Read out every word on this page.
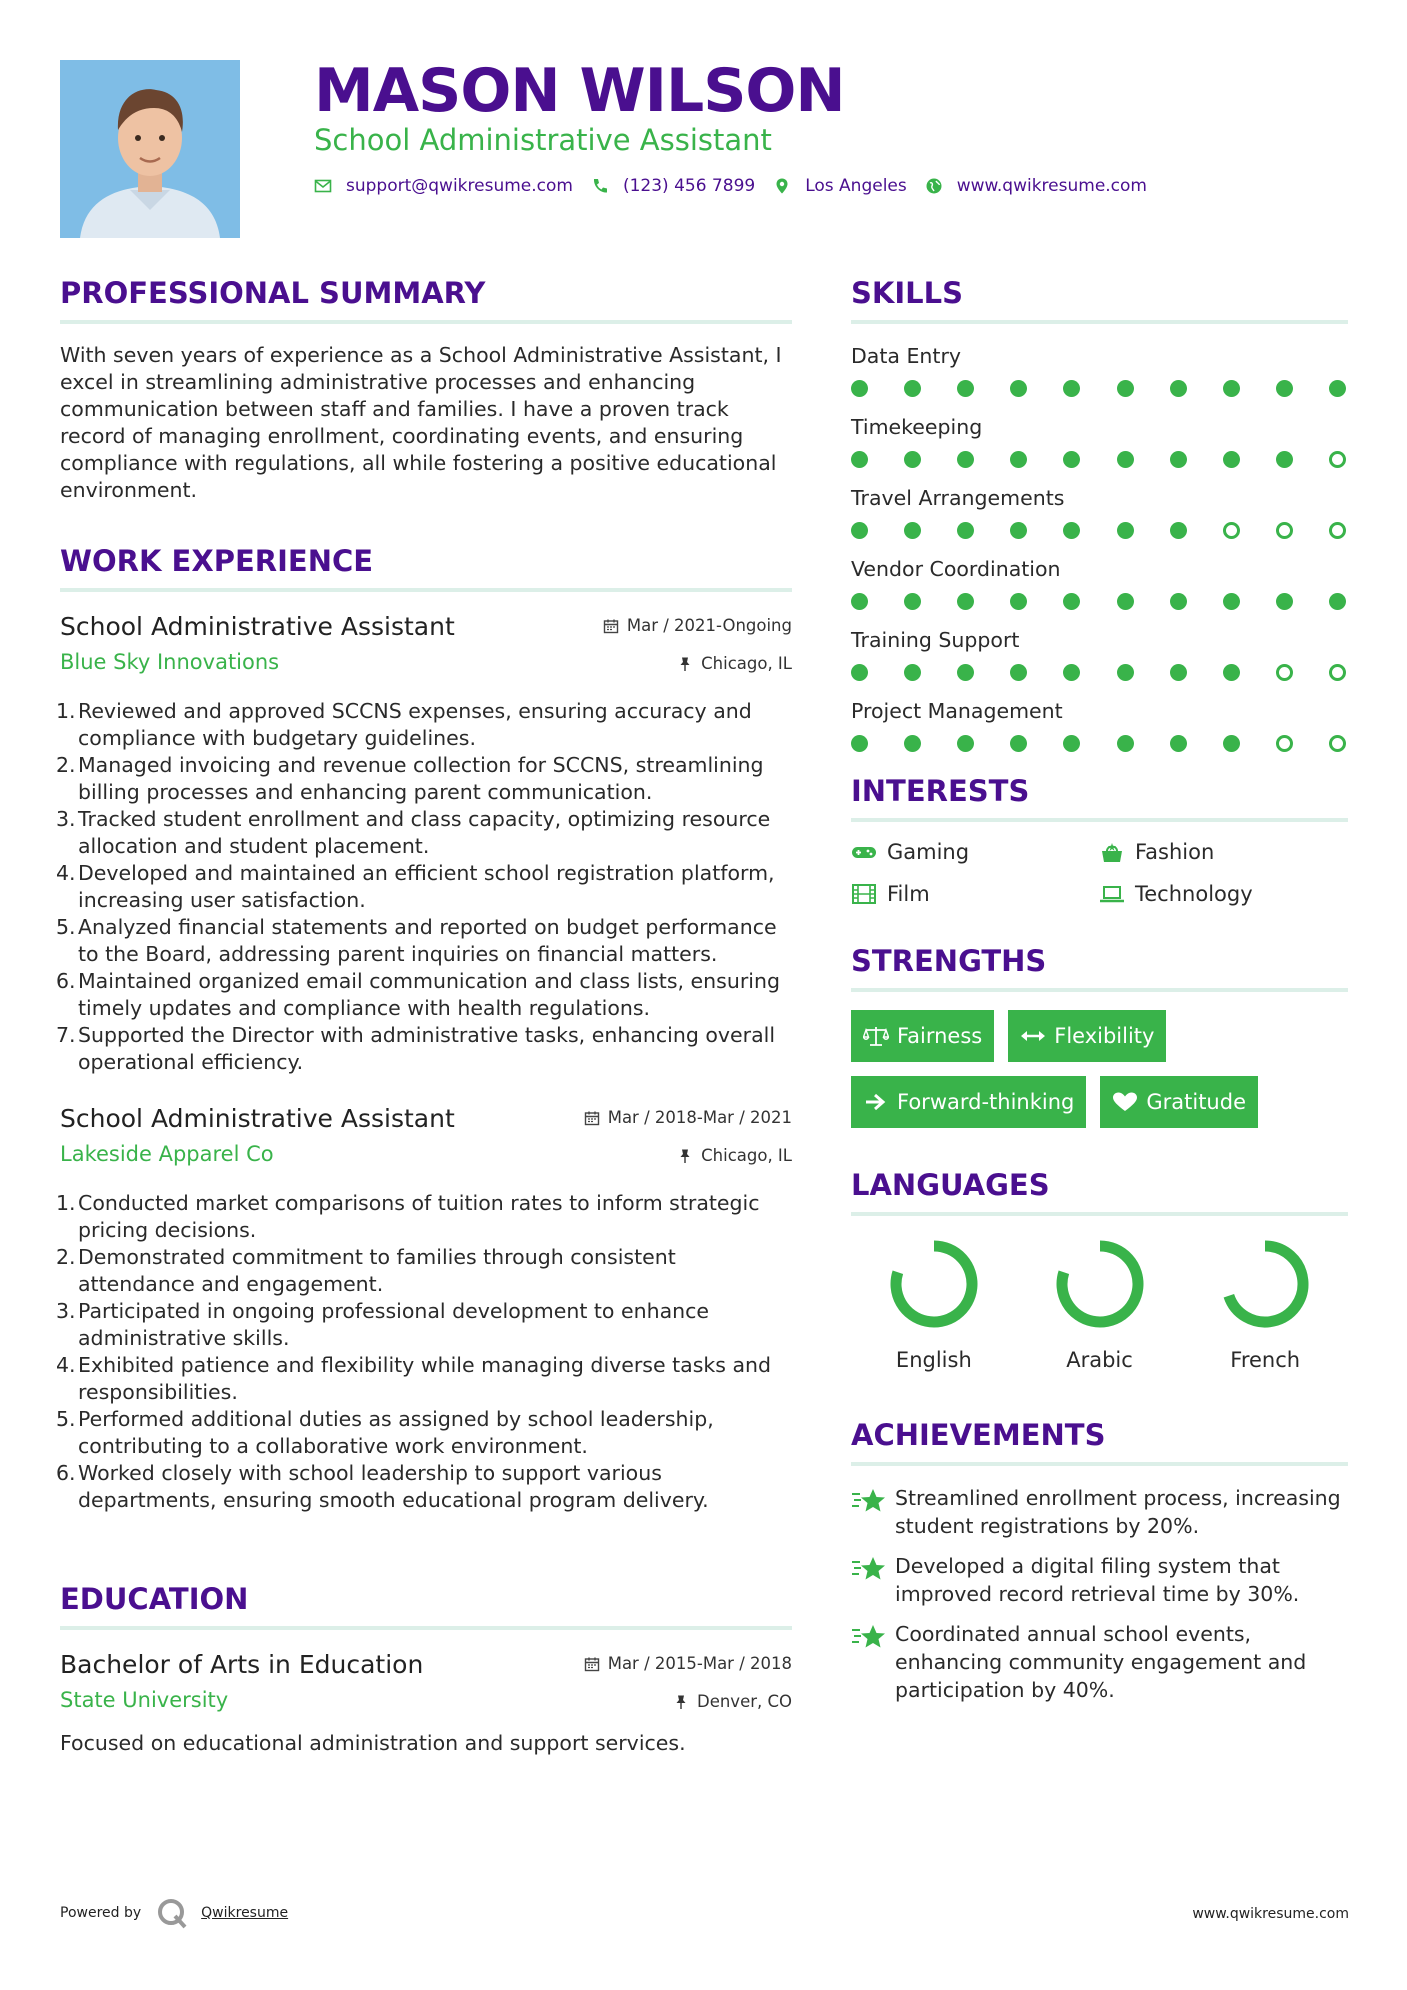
MASON WILSON
School Administrative Assistant
support@qwikresume.com	(123) 456 7899	Los Angeles	www.qwikresume.com
PROFESSIONAL SUMMARY
With seven years of experience as a School Administrative Assistant, I excel in streamlining administrative processes and enhancing communication between staff and families. I have a proven track record of managing enrollment, coordinating events, and ensuring compliance with regulations, all while fostering a positive educational environment.
WORK EXPERIENCE
School Administrative Assistant
Blue Sky Innovations
Mar / 2021-Ongoing
Chicago, IL
1. Reviewed and approved SCCNS expenses, ensuring accuracy and compliance with budgetary guidelines.
2. Managed invoicing and revenue collection for SCCNS, streamlining billing processes and enhancing parent communication.
3. Tracked student enrollment and class capacity, optimizing resource allocation and student placement.
4. Developed and maintained an efficient school registration platform, increasing user satisfaction.
5. Analyzed financial statements and reported on budget performance to the Board, addressing parent inquiries on financial matters.
6. Maintained organized email communication and class lists, ensuring timely updates and compliance with health regulations.
7. Supported the Director with administrative tasks, enhancing overall operational efficiency.
School Administrative Assistant
Lakeside Apparel Co
Mar / 2018-Mar / 2021
Chicago, IL
1. Conducted market comparisons of tuition rates to inform strategic pricing decisions.
2. Demonstrated commitment to families through consistent attendance and engagement.
3. Participated in ongoing professional development to enhance administrative skills.
4. Exhibited patience and flexibility while managing diverse tasks and responsibilities.
5. Performed additional duties as assigned by school leadership, contributing to a collaborative work environment.
6. Worked closely with school leadership to support various departments, ensuring smooth educational program delivery.
EDUCATION
Bachelor of Arts in Education
State University
Mar / 2015-Mar / 2018
Denver, CO
Focused on educational administration and support services.
SKILLS
Data Entry
Timekeeping
Travel Arrangements
Vendor Coordination
Training Support
Project Management
INTERESTS
Gaming	Fashion
Film	Technology
STRENGTHS
Fairness	Flexibility
Forward-thinking	Gratitude
LANGUAGES
English	Arabic	French
ACHIEVEMENTS
Streamlined enrollment process, increasing student registrations by 20%.
Developed a digital filing system that improved record retrieval time by 30%.
Coordinated annual school events, enhancing community engagement and participation by 40%.
Powered by	Qwikresume	www.qwikresume.com
